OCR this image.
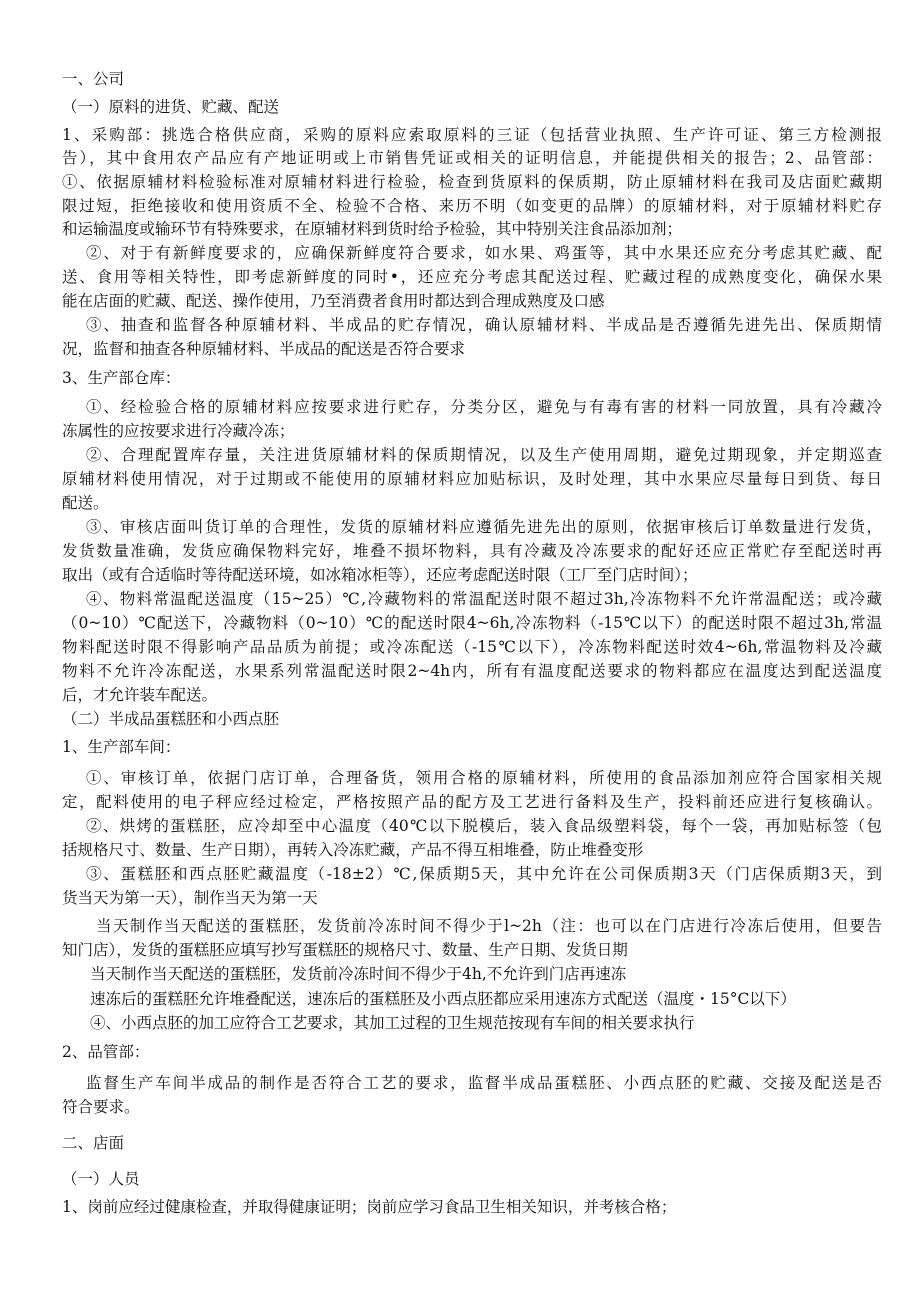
一、公司
（一）原料的进货、贮藏、配送
1、采购部：挑选合格供应商，采购的原料应索取原料的三证（包括营业执照、生产许可证、第三方检测报
告），其中食用农产品应有产地证明或上市销售凭证或相关的证明信息，并能提供相关的报告；2、品管部：
①、依据原辅材料检验标准对原辅材料进行检验，检查到货原料的保质期，防止原辅材料在我司及店面贮藏期
限过短，拒绝接收和使用资质不全、检验不合格、来历不明（如变更的品牌）的原辅材料，对于原辅材料贮存
和运输温度或输环节有特殊要求，在原辅材料到货时给予检验，其中特别关注食品添加剂；
②、对于有新鲜度要求的，应确保新鲜度符合要求，如水果、鸡蛋等，其中水果还应充分考虑其贮藏、配
送、食用等相关特性，即考虑新鲜度的同时•，还应充分考虑其配送过程、贮藏过程的成熟度变化，确保水果
能在店面的贮藏、配送、操作使用，乃至消费者食用时都达到合理成熟度及口感
③、抽查和监督各种原辅材料、半成品的贮存情况，确认原辅材料、半成品是否遵循先进先出、保质期情
况，监督和抽查各种原辅材料、半成品的配送是否符合要求
3、生产部仓库：
①、经检验合格的原辅材料应按要求进行贮存，分类分区，避免与有毒有害的材料一同放置，具有冷藏冷
冻属性的应按要求进行冷藏冷冻；
②、合理配置库存量，关注进货原辅材料的保质期情况，以及生产使用周期，避免过期现象，并定期巡查
原辅材料使用情况，对于过期或不能使用的原辅材料应加贴标识，及时处理，其中水果应尽量每日到货、每日
配送。
③、审核店面叫货订单的合理性，发货的原辅材料应遵循先进先出的原则，依据审核后订单数量进行发货，
发货数量准确，发货应确保物料完好，堆叠不损坏物料，具有冷藏及冷冻要求的配好还应正常贮存至配送时再
取出（或有合适临时等待配送环境，如冰箱冰柜等），还应考虑配送时限（工厂至门店时间）；
④、物料常温配送温度（15~25）℃,冷藏物料的常温配送时限不超过3h,冷冻物料不允许常温配送；或冷藏
（0~10）℃配送下，冷藏物料（0~10）℃的配送时限4~6h,冷冻物料（-15℃以下）的配送时限不超过3h,常温
物料配送时限不得影响产品品质为前提；或冷冻配送（-15℃以下），冷冻物料配送时效4~6h,常温物料及冷藏
物料不允许冷冻配送，水果系列常温配送时限2~4h内，所有有温度配送要求的物料都应在温度达到配送温度
后，才允许装车配送。
（二）半成品蛋糕胚和小西点胚
1、生产部车间：
①、审核订单，依据门店订单，合理备货，领用合格的原辅材料，所使用的食品添加剂应符合国家相关规
定，配料使用的电子秤应经过检定，严格按照产品的配方及工艺进行备料及生产，投料前还应进行复核确认。
②、烘烤的蛋糕胚，应冷却至中心温度（40℃以下脱模后，装入食品级塑料袋，每个一袋，再加贴标签（包
括规格尺寸、数量、生产日期），再转入冷冻贮藏，产品不得互相堆叠，防止堆叠变形
③、蛋糕胚和西点胚贮藏温度（-18±2）℃,保质期5天，其中允许在公司保质期3天（门店保质期3天，到
货当天为第一天），制作当天为第一天
当天制作当天配送的蛋糕胚，发货前冷冻时间不得少于l~2h（注：也可以在门店进行冷冻后使用，但要告
知门店），发货的蛋糕胚应填写抄写蛋糕胚的规格尺寸、数量、生产日期、发货日期
当天制作当天配送的蛋糕胚，发货前冷冻时间不得少于4h,不允许到门店再速冻
速冻后的蛋糕胚允许堆叠配送，速冻后的蛋糕胚及小西点胚都应采用速冻方式配送（温度・15°C以下）
④、小西点胚的加工应符合工艺要求，其加工过程的卫生规范按现有车间的相关要求执行
2、品管部：
监督生产车间半成品的制作是否符合工艺的要求，监督半成品蛋糕胚、小西点胚的贮藏、交接及配送是否
符合要求。
二、店面
（一）人员
1、岗前应经过健康检查，并取得健康证明；岗前应学习食品卫生相关知识，并考核合格；
